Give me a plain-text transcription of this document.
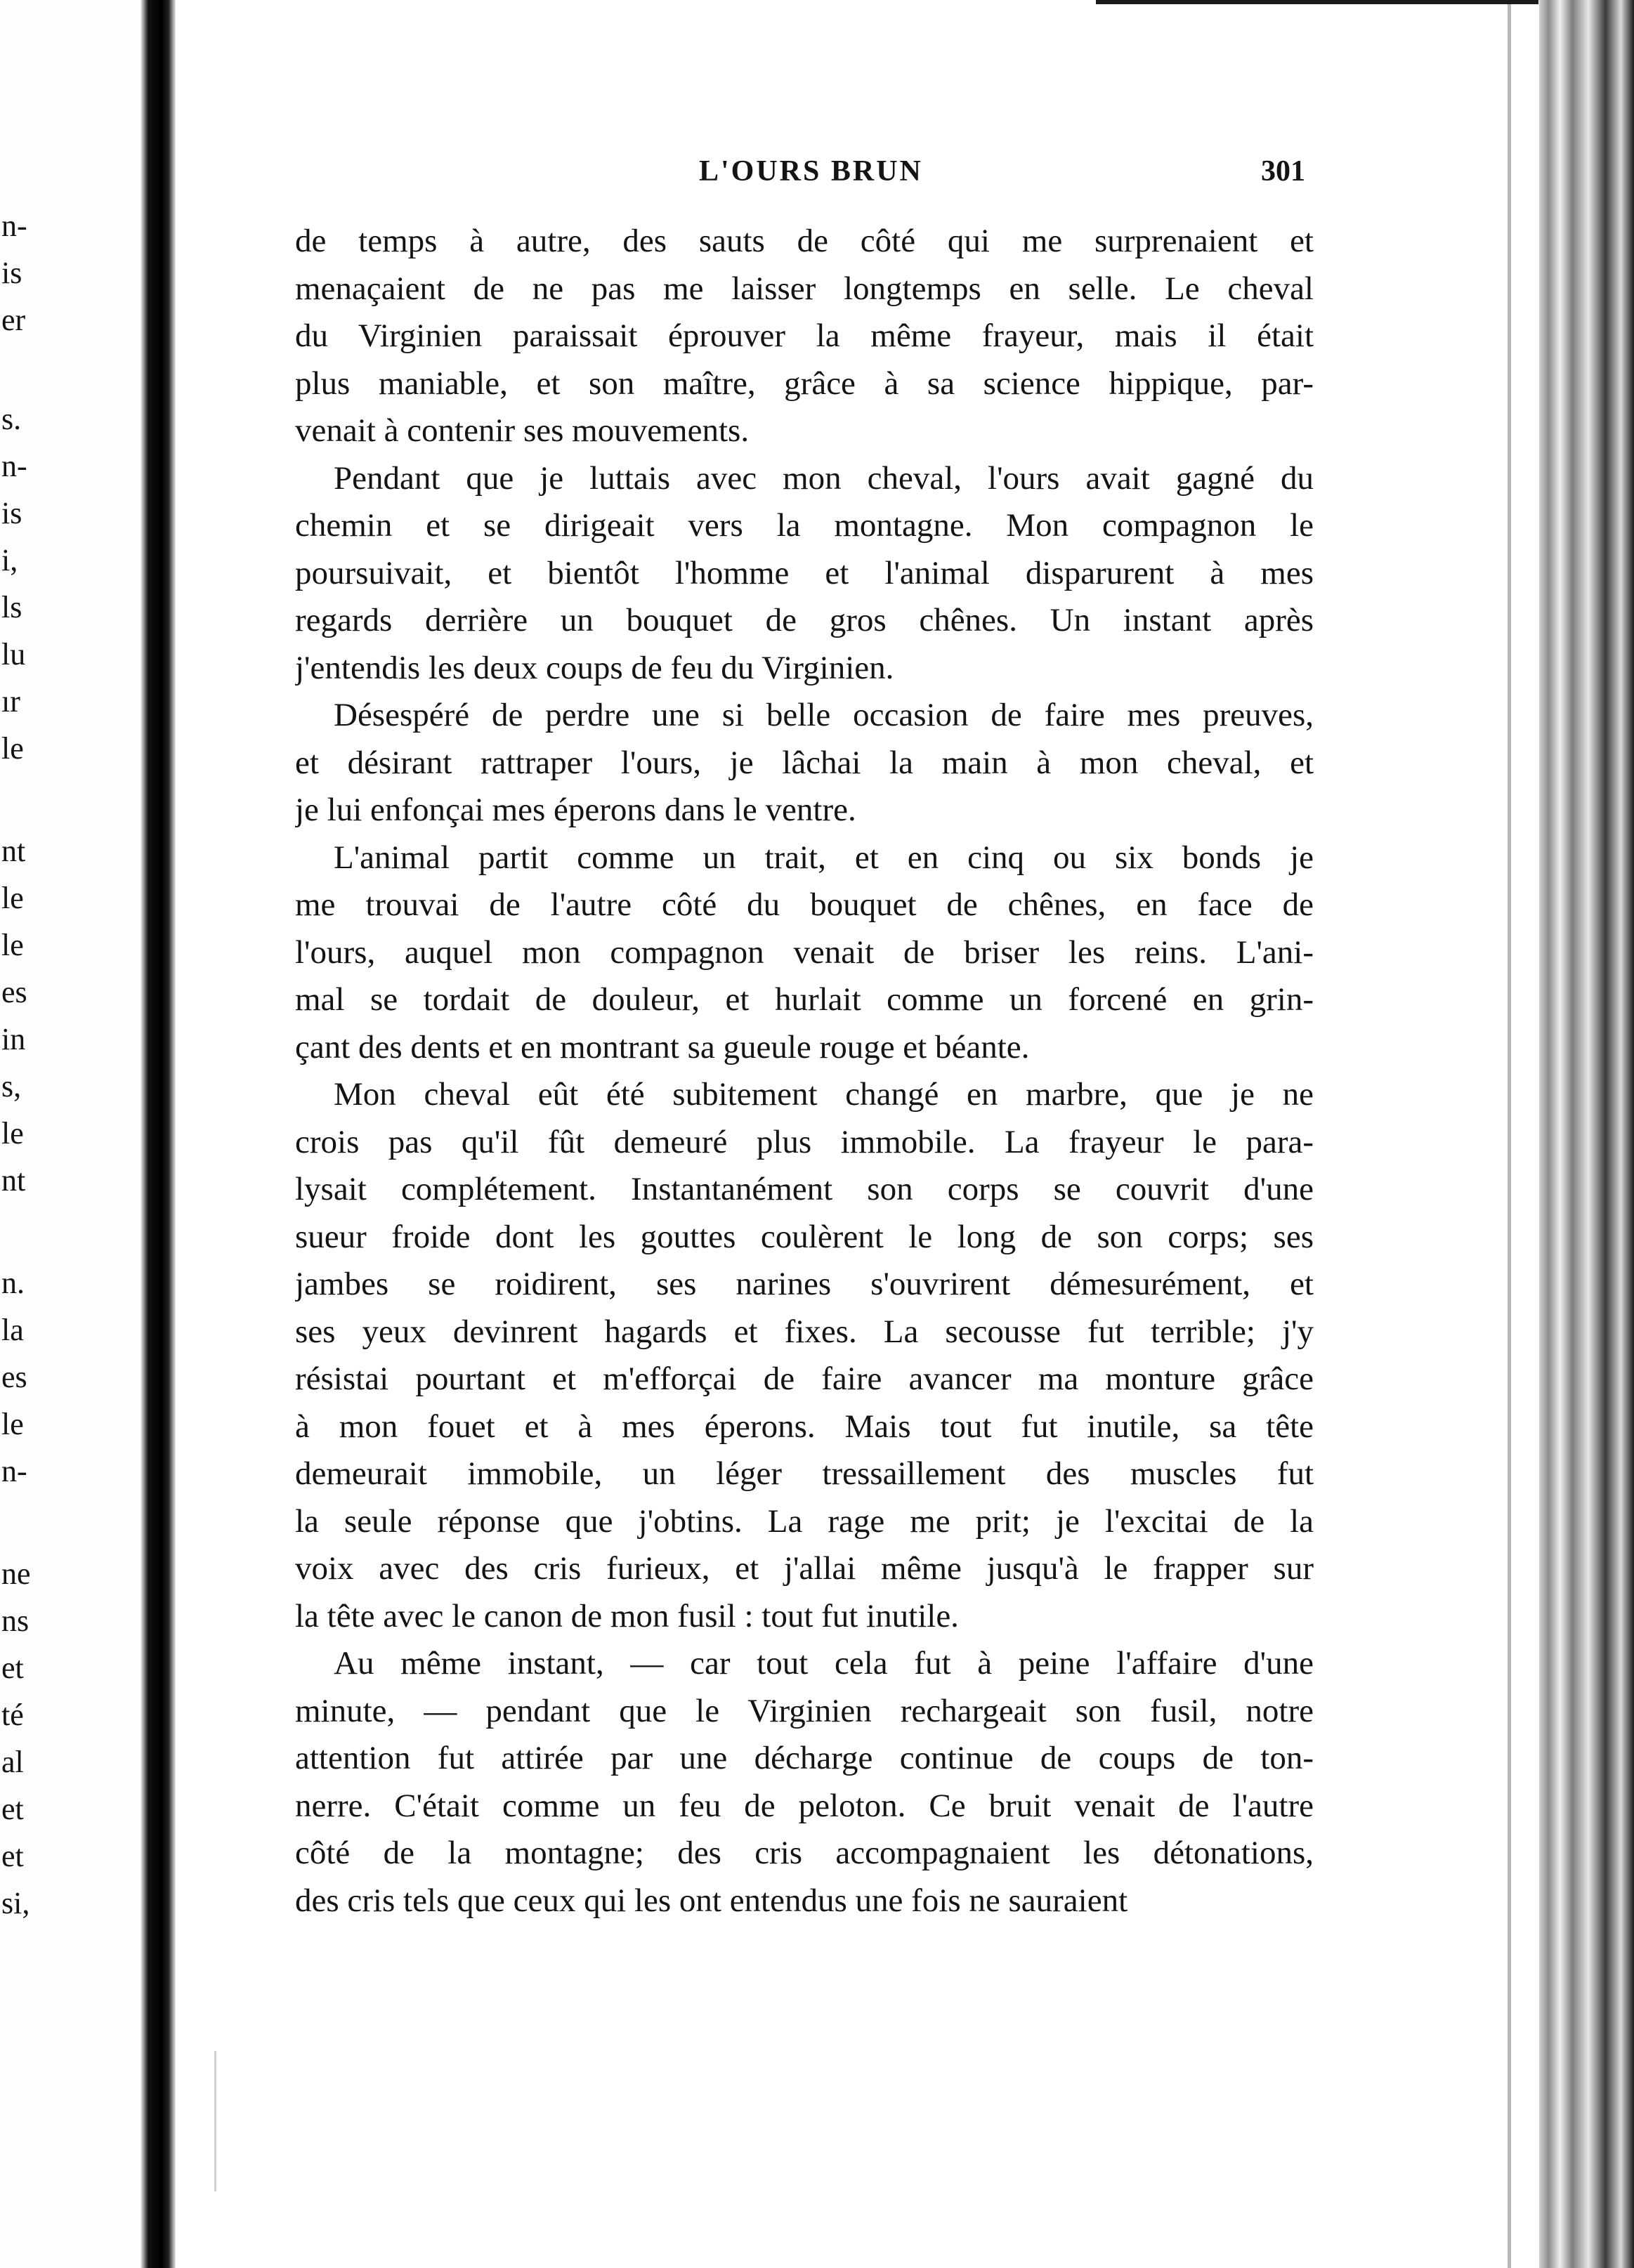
n-
is
er
s.
n-
is
i,
ls
lu
ır
le
nt
le
le
es
in
s,
le
nt
n.
la
es
le
n-
ne
ns
et
té
al
et
et
si,
L'OURS BRUN	301
de temps à autre, des sauts de côté qui me surprenaient et
menaçaient de ne pas me laisser longtemps en selle. Le cheval
du Virginien paraissait éprouver la même frayeur, mais il était
plus maniable, et son maître, grâce à sa science hippique, par-
venait à contenir ses mouvements.
Pendant que je luttais avec mon cheval, l'ours avait gagné du
chemin et se dirigeait vers la montagne. Mon compagnon le
poursuivait, et bientôt l'homme et l'animal disparurent à mes
regards derrière un bouquet de gros chênes. Un instant après
j'entendis les deux coups de feu du Virginien.
Désespéré de perdre une si belle occasion de faire mes preuves,
et désirant rattraper l'ours, je lâchai la main à mon cheval, et
je lui enfonçai mes éperons dans le ventre.
L'animal partit comme un trait, et en cinq ou six bonds je
me trouvai de l'autre côté du bouquet de chênes, en face de
l'ours, auquel mon compagnon venait de briser les reins. L'ani-
mal se tordait de douleur, et hurlait comme un forcené en grin-
çant des dents et en montrant sa gueule rouge et béante.
Mon cheval eût été subitement changé en marbre, que je ne
crois pas qu'il fût demeuré plus immobile. La frayeur le para-
lysait complétement. Instantanément son corps se couvrit d'une
sueur froide dont les gouttes coulèrent le long de son corps; ses
jambes se roidirent, ses narines s'ouvrirent démesurément, et
ses yeux devinrent hagards et fixes. La secousse fut terrible; j'y
résistai pourtant et m'efforçai de faire avancer ma monture grâce
à mon fouet et à mes éperons. Mais tout fut inutile, sa tête
demeurait immobile, un léger tressaillement des muscles fut
la seule réponse que j'obtins. La rage me prit; je l'excitai de la
voix avec des cris furieux, et j'allai même jusqu'à le frapper sur
la tête avec le canon de mon fusil : tout fut inutile.
Au même instant, — car tout cela fut à peine l'affaire d'une
minute, — pendant que le Virginien rechargeait son fusil, notre
attention fut attirée par une décharge continue de coups de ton-
nerre. C'était comme un feu de peloton. Ce bruit venait de l'autre
côté de la montagne; des cris accompagnaient les détonations,
des cris tels que ceux qui les ont entendus une fois ne sauraient
